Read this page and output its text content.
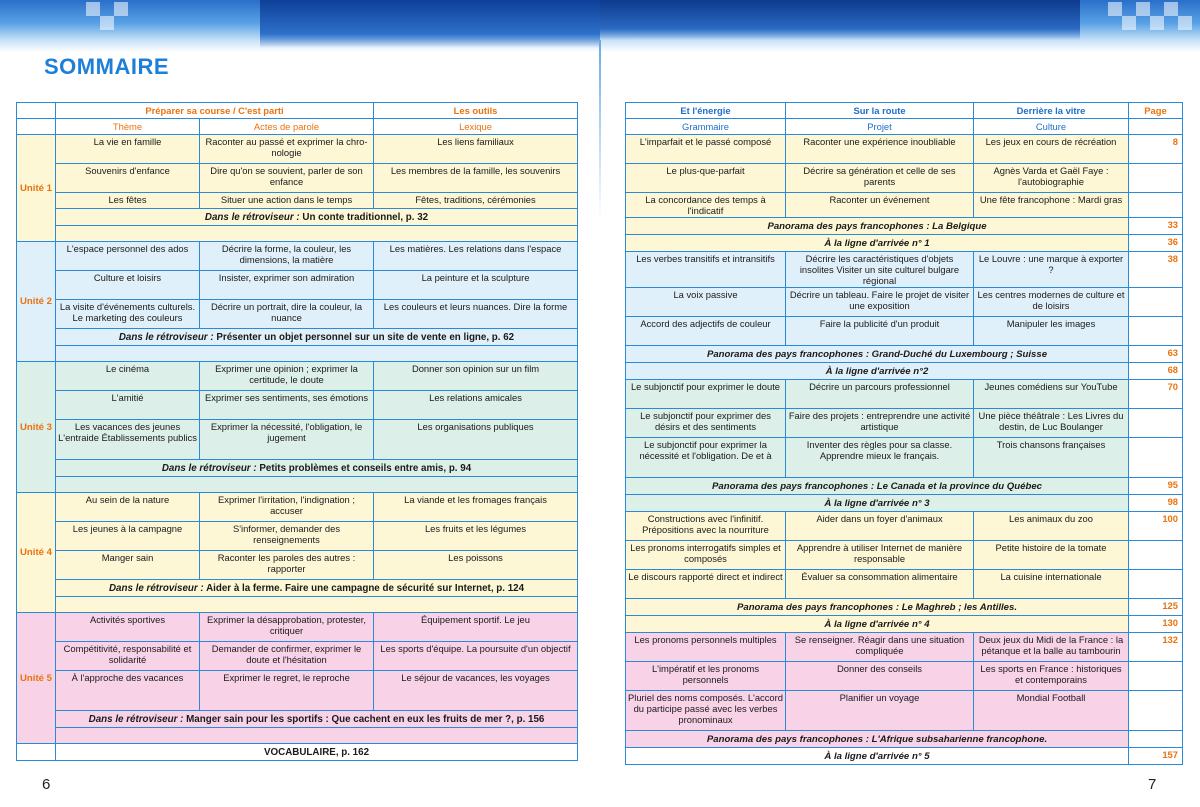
SOMMAIRE
	Préparer sa course / C'est parti		Les outils
	Thème	Actes de parole	Lexique
Unité 1	La vie en famille	Raconter au passé et exprimer la chro-nologie	Les liens familiaux
	Souvenirs d'enfance	Dire qu'on se souvient, parler de son enfance	Les membres de la famille, les souvenirs
	Les fêtes	Situer une action dans le temps	Fêtes, traditions, cérémonies
	Dans le rétroviseur : Un conte traditionnel, p. 32		

Unité 2	L'espace personnel des ados	Décrire la forme, la couleur, les dimensions, la matière	Les matières. Les relations dans l'espace
	Culture et loisirs	Insister, exprimer son admiration	La peinture et la sculpture
	La visite d'événements culturels. Le marketing des couleurs	Décrire un portrait, dire la couleur, la nuance	Les couleurs et leurs nuances. Dire la forme
	Dans le rétroviseur : Présenter un objet personnel sur un site de vente en ligne, p. 62		

Unité 3	Le cinéma	Exprimer une opinion ; exprimer la certitude, le doute	Donner son opinion sur un film
	L'amitié	Exprimer ses sentiments, ses émotions	Les relations amicales
	Les vacances des jeunes L'entraide Établissements publics	Exprimer la nécessité, l'obligation, le jugement	Les organisations publiques
	Dans le rétroviseur : Petits problèmes et conseils entre amis, p. 94		

Unité 4	Au sein de la nature	Exprimer l'irritation, l'indignation ; accuser	La viande et les fromages français
	Les jeunes à la campagne	S'informer, demander des renseignements	Les fruits et les légumes
	Manger sain	Raconter les paroles des autres : rapporter	Les poissons
	Dans le rétroviseur : Aider à la ferme. Faire une campagne de sécurité sur Internet, p. 124		

Unité 5	Activités sportives	Exprimer la désapprobation, protester, critiquer	Équipement sportif. Le jeu
	Compétitivité, responsabilité et solidarité	Demander de confirmer, exprimer le doute et l'hésitation	Les sports d'équipe. La poursuite d'un objectif
	À l'approche des vacances	Exprimer le regret, le reproche	Le séjour de vacances, les voyages
	Dans le rétroviseur : Manger sain pour les sportifs : Que cachent en eux les fruits de mer ?, p. 156		

	VOCABULAIRE, p. 162		
Et l'énergie	Sur la route	Derrière la vitre	Page
Grammaire	Projet	Culture	
L'imparfait et le passé composé	Raconter une expérience inoubliable	Les jeux en cours de récréation	8
Le plus-que-parfait	Décrire sa génération et celle de ses parents	Agnès Varda et Gaël Faye : l'autobiographie	
La concordance des temps à l'indicatif	Raconter un événement	Une fête francophone : Mardi gras	
Panorama des pays francophones : La Belgique			33
À la ligne d'arrivée n° 1			36
Les verbes transitifs et intransitifs	Décrire les caractéristiques d'objets insolites Visiter un site culturel bulgare régional	Le Louvre : une marque à exporter ?	38
La voix passive	Décrire un tableau. Faire le projet de visiter une exposition	Les centres modernes de culture et de loisirs	
Accord des adjectifs de couleur	Faire la publicité d'un produit	Manipuler les images	
Panorama des pays francophones : Grand-Duché du Luxembourg ; Suisse			63
À la ligne d'arrivée n°2			68
Le subjonctif pour exprimer le doute	Décrire un parcours professionnel	Jeunes comédiens sur YouTube	70
Le subjonctif pour exprimer des désirs et des sentiments	Faire des projets : entreprendre une activité artistique	Une pièce théâtrale : Les Livres du destin, de Luc Boulanger	
Le subjonctif pour exprimer la nécessité et l'obligation. De et à	Inventer des règles pour sa classe. Apprendre mieux le français.	Trois chansons françaises	
Panorama des pays francophones : Le Canada et la province du Québec			95
À la ligne d'arrivée n° 3			98
Constructions avec l'infinitif. Prépositions avec la nourriture	Aider dans un foyer d'animaux	Les animaux du zoo	100
Les pronoms interrogatifs simples et composés	Apprendre à utiliser Internet de manière responsable	Petite histoire de la tomate	
Le discours rapporté direct et indirect	Évaluer sa consommation alimentaire	La cuisine internationale	
Panorama des pays francophones : Le Maghreb ; les Antilles.			125
À la ligne d'arrivée n° 4			130
Les pronoms personnels multiples	Se renseigner. Réagir dans une situation compliquée	Deux jeux du Midi de la France : la pétanque et la balle au tambourin	132
L'impératif et les pronoms personnels	Donner des conseils	Les sports en France : historiques et contemporains	
Pluriel des noms composés. L'accord du participe passé avec les verbes pronominaux	Planifier un voyage	Mondial Football	
Panorama des pays francophones : L'Afrique subsaharienne francophone.			
À la ligne d'arrivée n° 5			157
6	7
